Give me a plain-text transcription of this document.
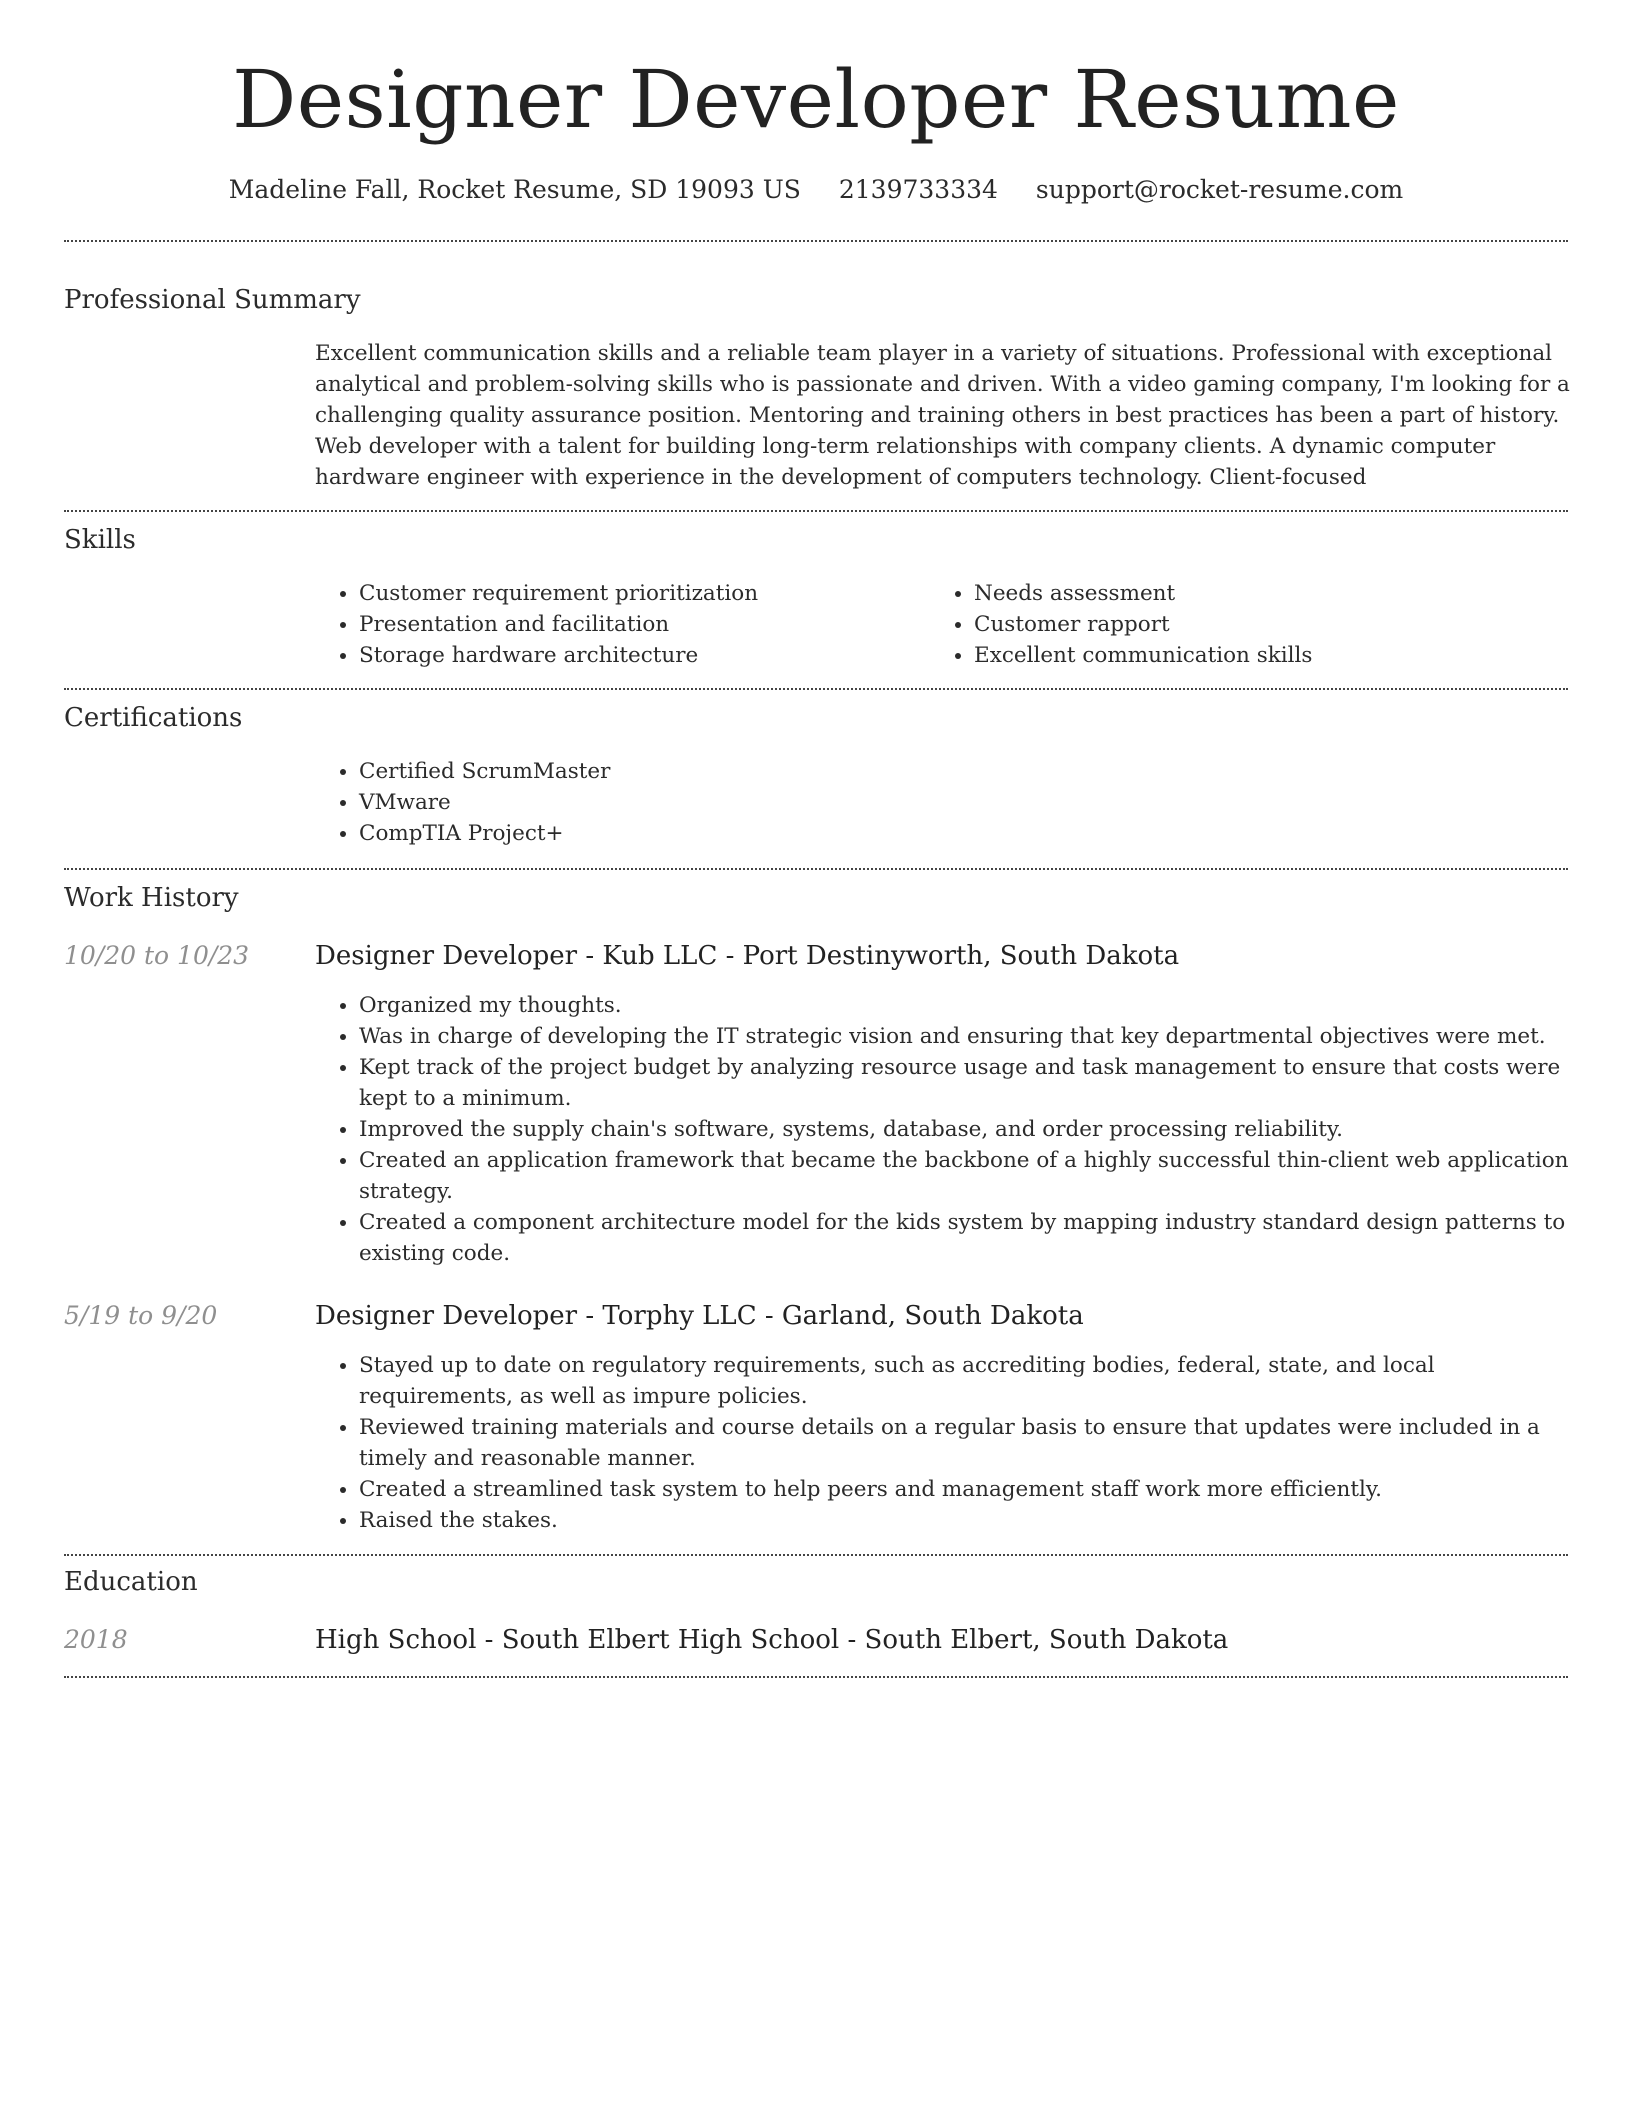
Designer Developer Resume
Madeline Fall, Rocket Resume, SD 19093 US 2139733334 support@rocket-resume.com
Professional Summary

Excellent communication skills and a reliable team player in a variety of situations. Professional with exceptional analytical and problem-solving skills who is passionate and driven. With a video gaming company, I'm looking for a challenging quality assurance position. Mentoring and training others in best practices has been a part of history. Web developer with a talent for building long-term relationships with company clients. A dynamic computer hardware engineer with experience in the development of computers technology. Client-focused

Skills
• Customer requirement prioritization
• Presentation and facilitation
• Storage hardware architecture
• Needs assessment
• Customer rapport
• Excellent communication skills
Certifications
• Certified ScrumMaster
• VMware
• CompTIA Project+
Work History
10/20 to 10/23	Designer Developer - Kub LLC - Port Destinyworth, South Dakota
• Organized my thoughts.
• Was in charge of developing the IT strategic vision and ensuring that key departmental objectives were met.
• Kept track of the project budget by analyzing resource usage and task management to ensure that costs were kept to a minimum.
• Improved the supply chain's software, systems, database, and order processing reliability.
• Created an application framework that became the backbone of a highly successful thin-client web application strategy.
• Created a component architecture model for the kids system by mapping industry standard design patterns to existing code.
5/19 to 9/20	Designer Developer - Torphy LLC - Garland, South Dakota
• Stayed up to date on regulatory requirements, such as accrediting bodies, federal, state, and local requirements, as well as impure policies.
• Reviewed training materials and course details on a regular basis to ensure that updates were included in a timely and reasonable manner.
• Created a streamlined task system to help peers and management staff work more efficiently.
• Raised the stakes.
Education
2018	High School - South Elbert High School - South Elbert, South Dakota
